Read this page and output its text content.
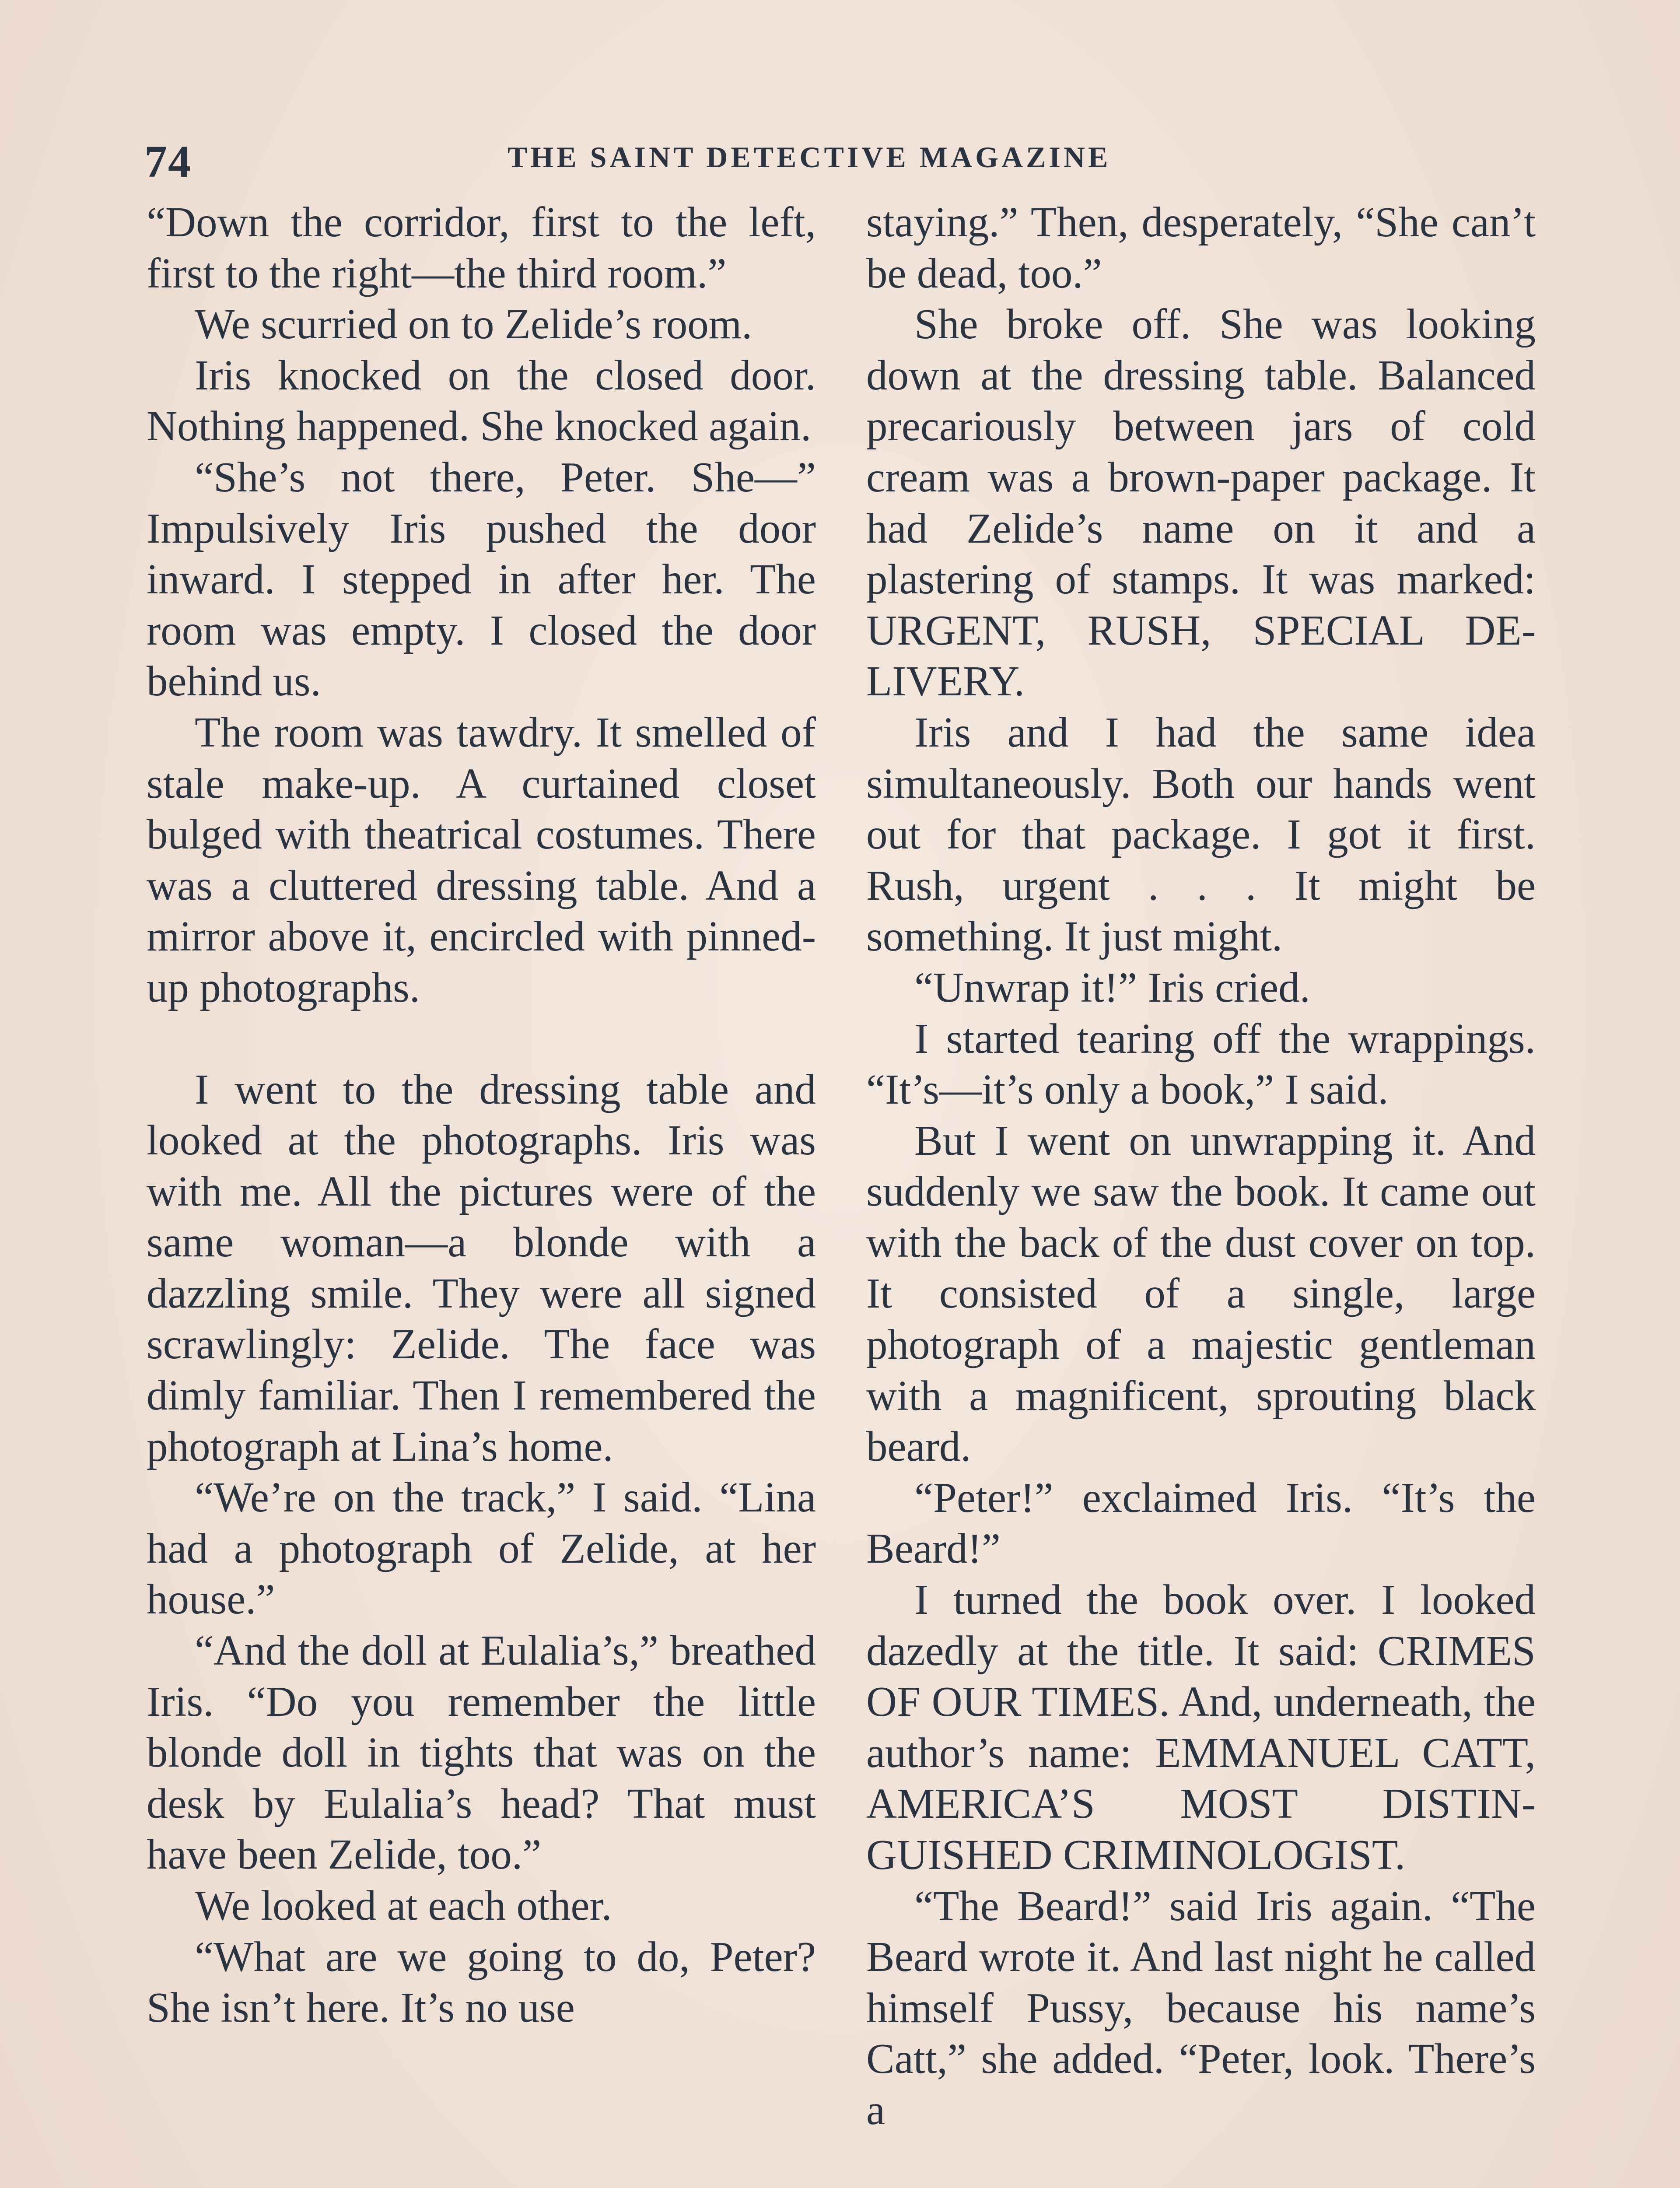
74	THE SAINT DETECTIVE MAGAZINE

“Down the corridor, first to the left, first to the right—the third room.”

We scurried on to Zelide’s room.

Iris knocked on the closed door. Nothing happened. She knocked again.

“She’s not there, Peter. She—” Impulsively Iris pushed the door inward. I stepped in after her. The room was empty. I closed the door behind us.

The room was tawdry. It smelled of stale make-up. A curtained closet bulged with theatrical costumes. There was a cluttered dressing table. And a mirror above it, encircled with pinned-up photographs.

I went to the dressing table and looked at the photographs. Iris was with me. All the pictures were of the same woman—a blonde with a dazzling smile. They were all signed scrawlingly: Zelide. The face was dimly familiar. Then I remembered the photograph at Lina’s home.

“We’re on the track,” I said. “Lina had a photograph of Zelide, at her house.”

“And the doll at Eulalia’s,” breathed Iris. “Do you remember the little blonde doll in tights that was on the desk by Eulalia’s head? That must have been Zelide, too.”

We looked at each other.

“What are we going to do, Peter? She isn’t here. It’s no use

staying.” Then, desperately, “She can’t be dead, too.”

She broke off. She was looking down at the dressing table. Balanced precariously between jars of cold cream was a brown-paper package. It had Zelide’s name on it and a plastering of stamps. It was marked: URGENT, RUSH, SPECIAL DELIVERY.

Iris and I had the same idea simultaneously. Both our hands went out for that package. I got it first. Rush, urgent . . . It might be something. It just might.

“Unwrap it!” Iris cried.

I started tearing off the wrappings. “It’s—it’s only a book,” I said.

But I went on unwrapping it. And suddenly we saw the book. It came out with the back of the dust cover on top. It consisted of a single, large photograph of a majestic gentleman with a magnificent, sprouting black beard.

“Peter!” exclaimed Iris. “It’s the Beard!”

I turned the book over. I looked dazedly at the title. It said: CRIMES OF OUR TIMES. And, underneath, the author’s name: EMMANUEL CATT, AMERICA’S MOST DISTINGUISHED CRIMINOLOGIST.

“The Beard!” said Iris again. “The Beard wrote it. And last night he called himself Pussy, because his name’s Catt,” she added. “Peter, look. There’s a
